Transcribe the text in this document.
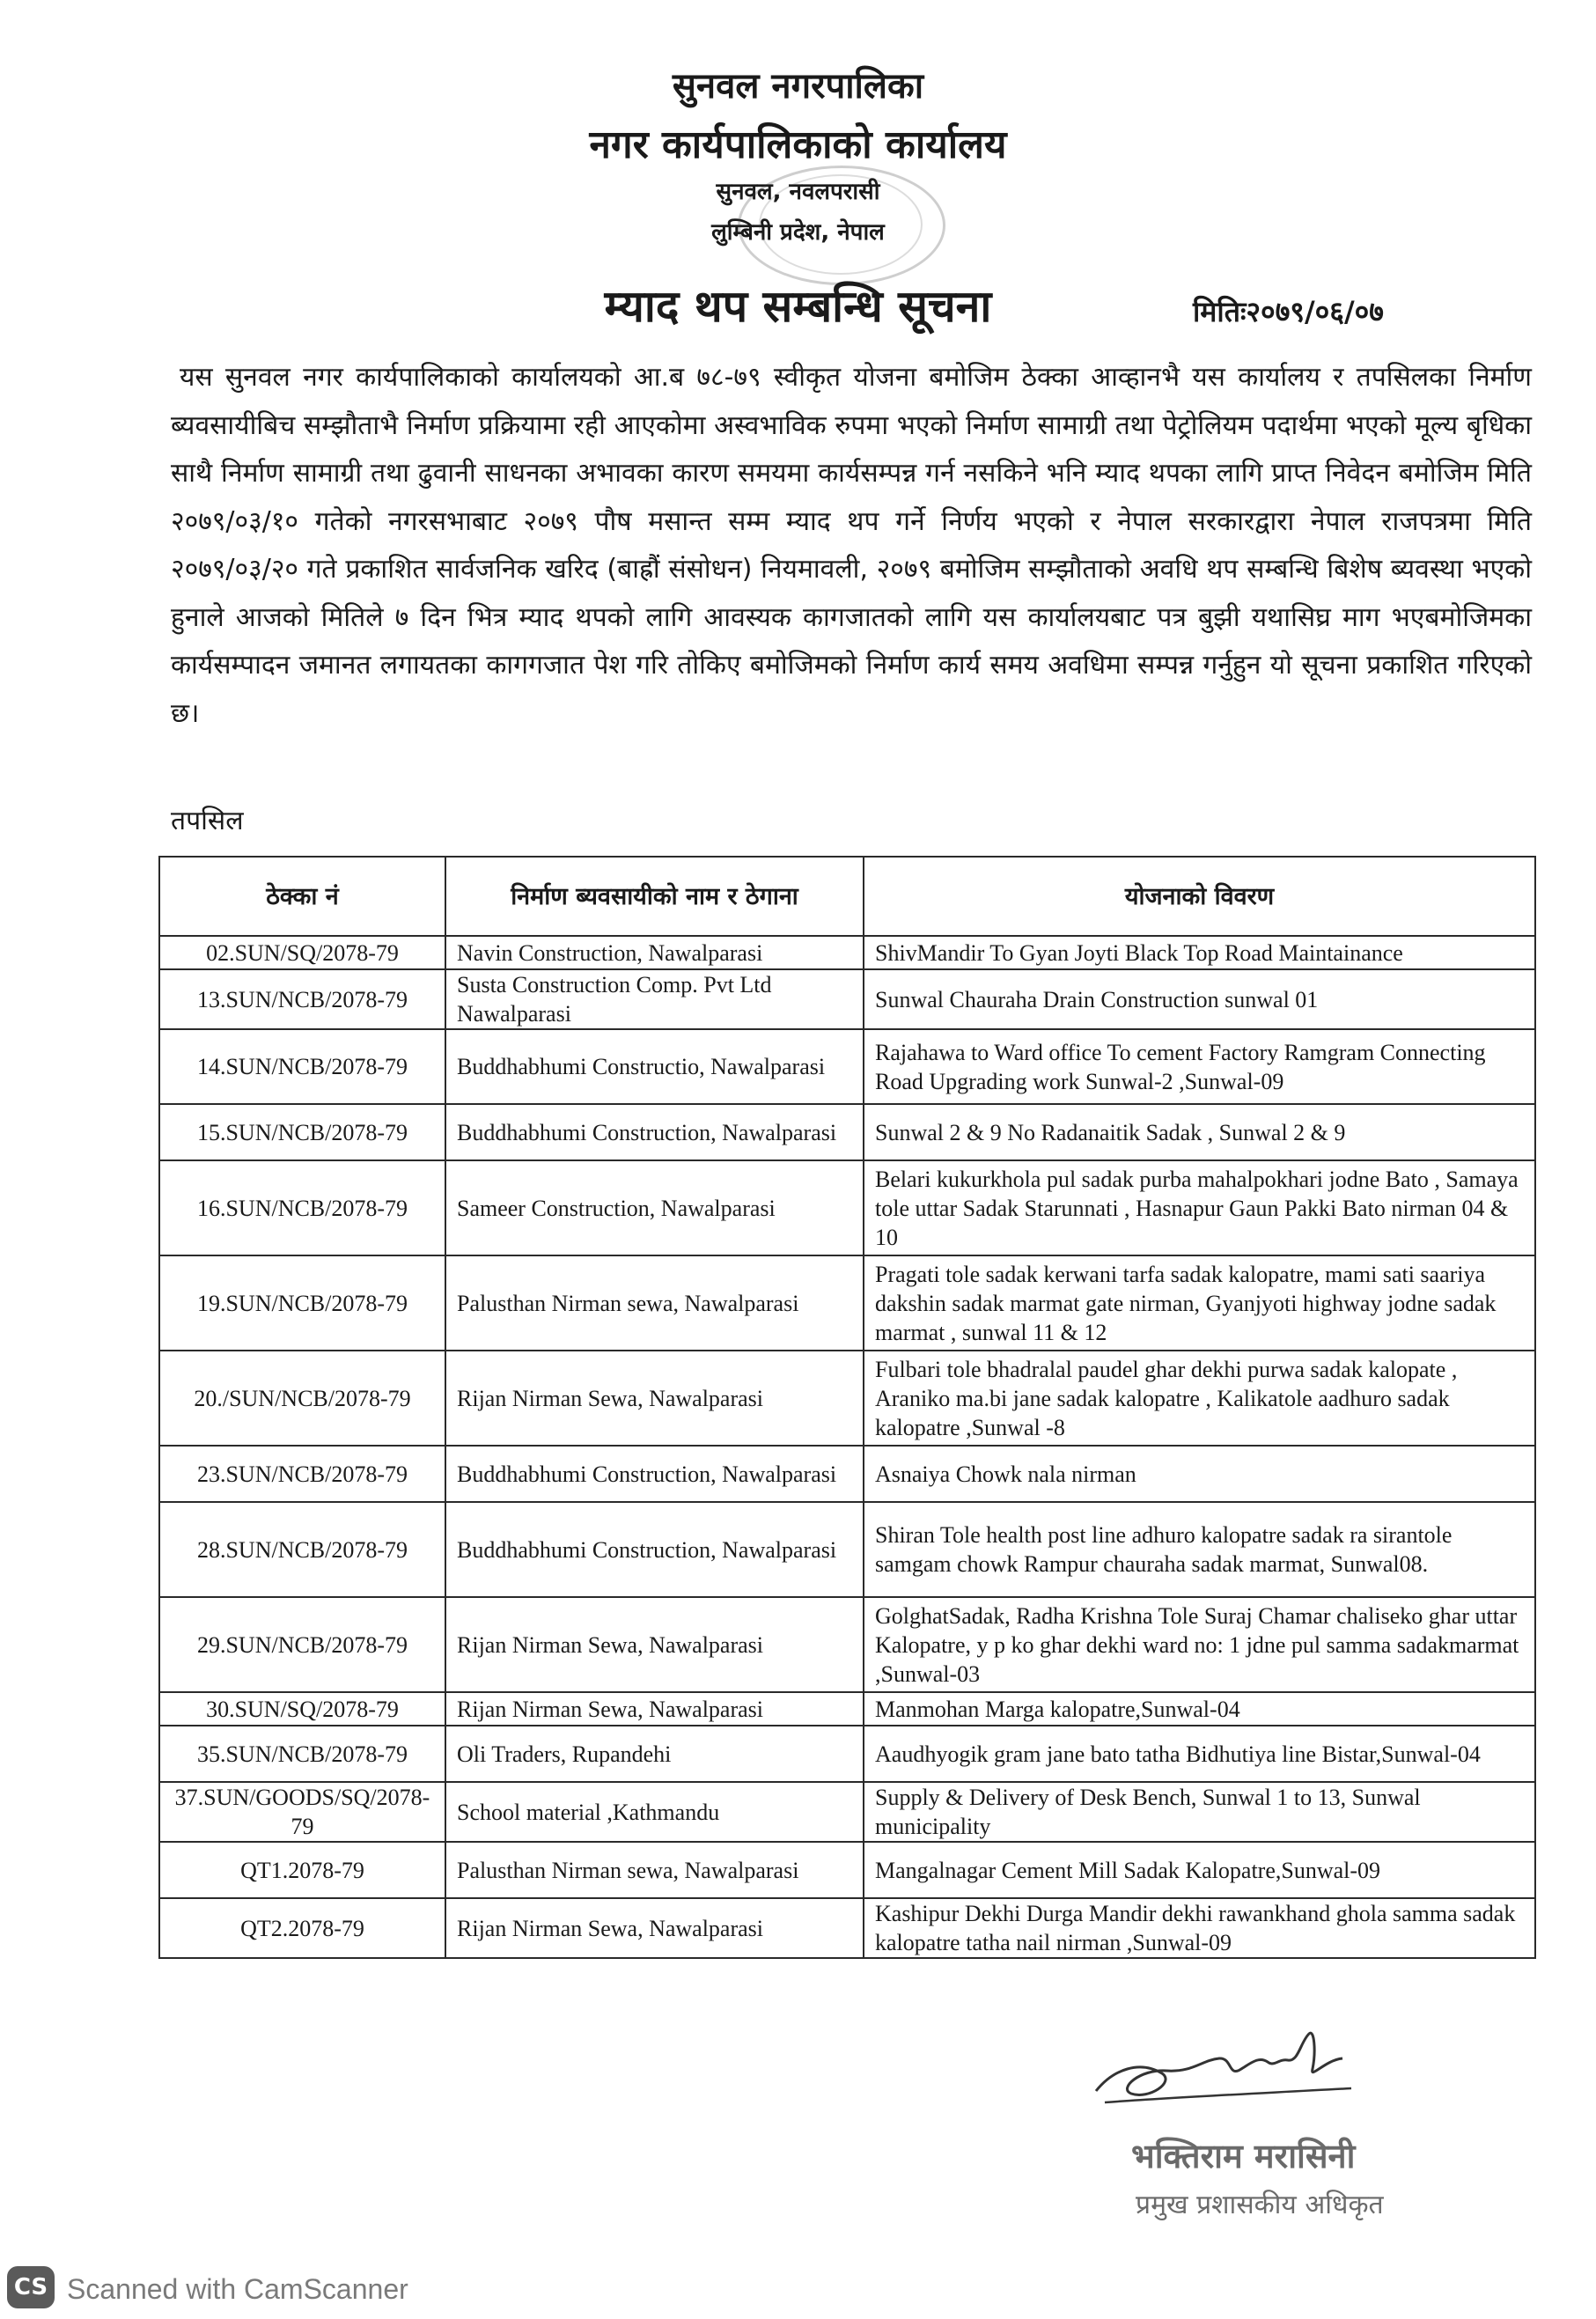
सुनवल नगरपालिका
नगर कार्यपालिकाको कार्यालय
सुनवल, नवलपरासी
लुम्बिनी प्रदेश, नेपाल
म्याद थप सम्बन्धि सूचना	मितिः२०७९/०६/०७

यस सुनवल नगर कार्यपालिकाको कार्यालयको आ.ब ७८-७९ स्वीकृत योजना बमोजिम ठेक्का आव्हानभै यस कार्यालय र तपसिलका निर्माण ब्यवसायीबिच सम्झौताभै निर्माण प्रक्रियामा रही आएकोमा अस्वभाविक रुपमा भएको निर्माण सामाग्री तथा पेट्रोलियम पदार्थमा भएको मूल्य बृधिका साथै निर्माण सामाग्री तथा ढुवानी साधनका अभावका कारण समयमा कार्यसम्पन्न गर्न नसकिने भनि म्याद थपका लागि प्राप्त निवेदन बमोजिम मिति २०७९/०३/१० गतेको नगरसभाबाट २०७९ पौष मसान्त सम्म म्याद थप गर्ने निर्णय भएको र नेपाल सरकारद्वारा नेपाल राजपत्रमा मिति २०७९/०३/२० गते प्रकाशित सार्वजनिक खरिद (बाह्रौं संसोधन) नियमावली, २०७९ बमोजिम सम्झौताको अवधि थप सम्बन्धि बिशेष ब्यवस्था भएको हुनाले आजको मितिले ७ दिन भित्र म्याद थपको लागि आवस्यक कागजातको लागि यस कार्यालयबाट पत्र बुझी यथासिघ्र माग भएबमोजिमका कार्यसम्पादन जमानत लगायतका कागगजात पेश गरि तोकिए बमोजिमको निर्माण कार्य समय अवधिमा सम्पन्न गर्नुहुन यो सूचना प्रकाशित गरिएको छ।

तपसिल
ठेक्का नं	निर्माण ब्यवसायीको नाम र ठेगाना	योजनाको विवरण
02.SUN/SQ/2078-79	Navin Construction, Nawalparasi	ShivMandir To Gyan Joyti Black Top Road Maintainance
13.SUN/NCB/2078-79	Susta Construction Comp. Pvt Ltd Nawalparasi	Sunwal Chauraha Drain Construction sunwal 01
14.SUN/NCB/2078-79	Buddhabhumi Constructio, Nawalparasi	Rajahawa to Ward office To cement Factory Ramgram Connecting Road Upgrading work Sunwal-2 ,Sunwal-09
15.SUN/NCB/2078-79	Buddhabhumi Construction, Nawalparasi	Sunwal 2 & 9 No Radanaitik Sadak , Sunwal 2 & 9
16.SUN/NCB/2078-79	Sameer Construction, Nawalparasi	Belari kukurkhola pul sadak purba mahalpokhari jodne Bato , Samaya tole uttar Sadak Starunnati , Hasnapur Gaun Pakki Bato nirman 04 & 10
19.SUN/NCB/2078-79	Palusthan Nirman sewa, Nawalparasi	Pragati tole sadak kerwani tarfa sadak kalopatre, mami sati saariya dakshin sadak marmat gate nirman, Gyanjyoti highway jodne sadak marmat , sunwal 11 & 12
20./SUN/NCB/2078-79	Rijan Nirman Sewa, Nawalparasi	Fulbari tole bhadralal paudel ghar dekhi purwa sadak kalopate , Araniko ma.bi jane sadak kalopatre , Kalikatole aadhuro sadak kalopatre ,Sunwal -8
23.SUN/NCB/2078-79	Buddhabhumi Construction, Nawalparasi	Asnaiya Chowk nala nirman
28.SUN/NCB/2078-79	Buddhabhumi Construction, Nawalparasi	Shiran Tole health post line adhuro kalopatre sadak ra sirantole samgam chowk Rampur chauraha sadak marmat, Sunwal08.
29.SUN/NCB/2078-79	Rijan Nirman Sewa, Nawalparasi	GolghatSadak, Radha Krishna Tole Suraj Chamar chaliseko ghar uttar Kalopatre, y p ko ghar dekhi ward no: 1 jdne pul samma sadakmarmat ,Sunwal-03
30.SUN/SQ/2078-79	Rijan Nirman Sewa, Nawalparasi	Manmohan Marga kalopatre,Sunwal-04
35.SUN/NCB/2078-79	Oli Traders, Rupandehi	Aaudhyogik gram jane bato tatha Bidhutiya line Bistar,Sunwal-04
37.SUN/GOODS/SQ/2078-79	School material ,Kathmandu	Supply & Delivery of Desk Bench, Sunwal 1 to 13, Sunwal municipality
QT1.2078-79	Palusthan Nirman sewa, Nawalparasi	Mangalnagar Cement Mill Sadak Kalopatre,Sunwal-09
QT2.2078-79	Rijan Nirman Sewa, Nawalparasi	Kashipur Dekhi Durga Mandir dekhi rawankhand ghola samma sadak kalopatre tatha nail nirman ,Sunwal-09
भक्तिराम मरासिनी
प्रमुख प्रशासकीय अधिकृत
CS Scanned with CamScanner
